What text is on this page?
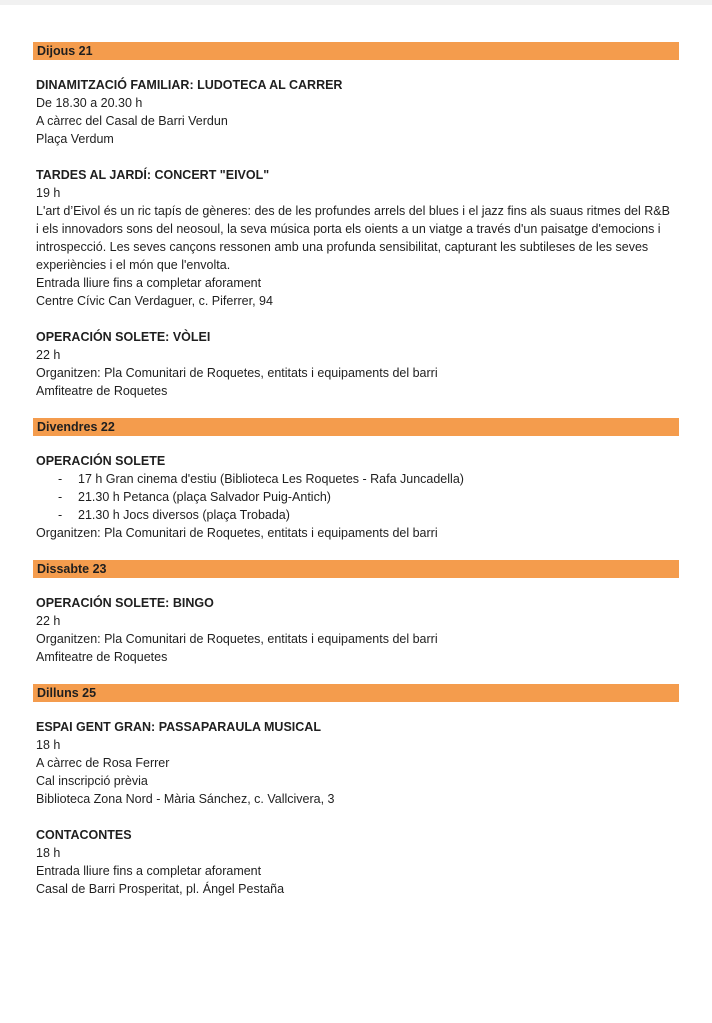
Dijous 21
DINAMITZACIÓ FAMILIAR: LUDOTECA AL CARRER
De 18.30 a 20.30 h
A càrrec del Casal de Barri Verdun
Plaça Verdum
TARDES AL JARDÍ: CONCERT "EIVOL"
19 h
L'art d’Eivol és un ric tapís de gèneres: des de les profundes arrels del blues i el jazz fins als suaus ritmes del R&B i els innovadors sons del neosoul, la seva música porta els oients a un viatge a través d'un paisatge d'emocions i introspecció. Les seves cançons ressonen amb una profunda sensibilitat, capturant les subtileses de les seves experiències i el món que l'envolta.
Entrada lliure fins a completar aforament
Centre Cívic Can Verdaguer, c. Piferrer, 94
OPERACIÓN SOLETE: VÒLEI
22 h
Organitzen: Pla Comunitari de Roquetes, entitats i equipaments del barri
Amfiteatre de Roquetes
Divendres 22
OPERACIÓN SOLETE
- 17 h Gran cinema d'estiu (Biblioteca Les Roquetes - Rafa Juncadella)
- 21.30 h Petanca (plaça Salvador Puig-Antich)
- 21.30 h Jocs diversos (plaça Trobada)
Organitzen: Pla Comunitari de Roquetes, entitats i equipaments del barri
Dissabte 23
OPERACIÓN SOLETE: BINGO
22 h
Organitzen: Pla Comunitari de Roquetes, entitats i equipaments del barri
Amfiteatre de Roquetes
Dilluns 25
ESPAI GENT GRAN: PASSAPARAULA MUSICAL
18 h
A càrrec de Rosa Ferrer
Cal inscripció prèvia
Biblioteca Zona Nord - Mària Sánchez, c. Vallcivera, 3
CONTACONTES
18 h
Entrada lliure fins a completar aforament
Casal de Barri Prosperitat, pl. Ángel Pestaña
